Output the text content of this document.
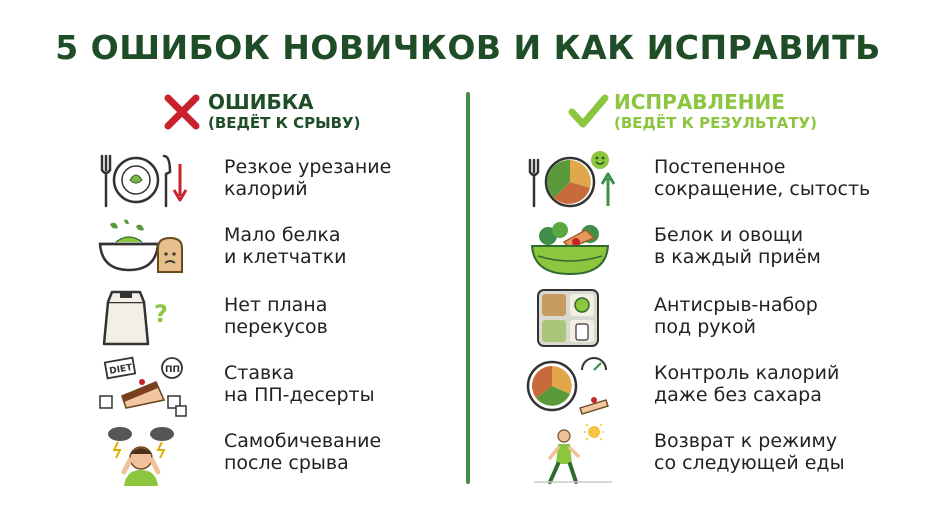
5 ОШИБОК НОВИЧКОВ И КАК ИСПРАВИТЬ
ОШИБКА
(ВЕДЁТ К СРЫВУ)
ИСПРАВЛЕНИЕ
(ВЕДЁТ К РЕЗУЛЬТАТУ)
Резкое урезание
калорий
Мало белка
и клетчатки
?	Нет плана
перекусов
DIET	ПП Ставка
на ПП-десерты
Самобичевание
после срыва
Постепенное
сокращение, сытость
Белок и овощи
в каждый приём
Антисрыв-набор
под рукой
Контроль калорий
даже без сахара
Возврат к режиму
со следующей еды
